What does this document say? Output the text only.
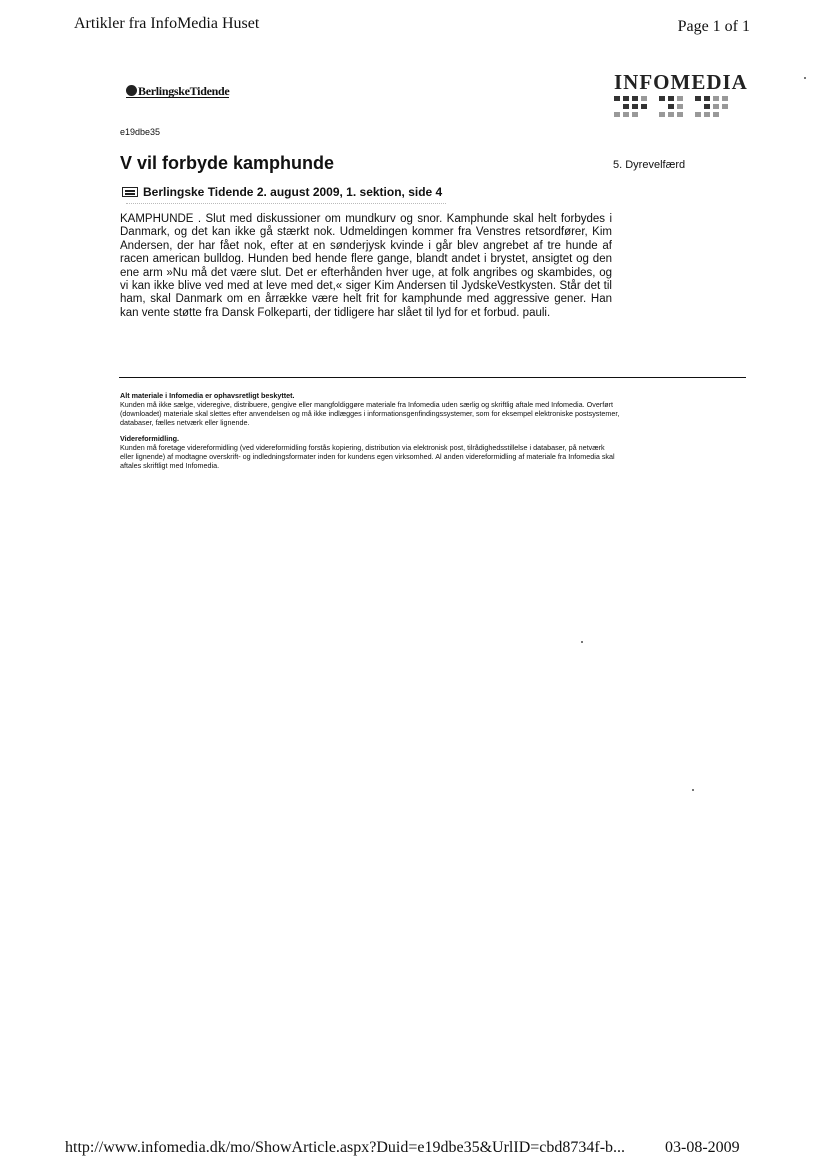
Artikler fra InfoMedia Huset	Page 1 of 1
BerlingskeTidende	INFOMEDIA
e19dbe35
V vil forbyde kamphunde	5. Dyrevelfærd
Berlingske Tidende 2. august 2009, 1. sektion, side 4

KAMPHUNDE . Slut med diskussioner om mundkurv og snor. Kamphunde skal helt forbydes i Danmark, og det kan ikke gå stærkt nok. Udmeldingen kommer fra Venstres retsordfører, Kim Andersen, der har fået nok, efter at en sønderjysk kvinde i går blev angrebet af tre hunde af racen american bulldog. Hunden bed hende flere gange, blandt andet i brystet, ansigtet og den ene arm »Nu må det være slut. Det er efterhånden hver uge, at folk angribes og skambides, og vi kan ikke blive ved med at leve med det,« siger Kim Andersen til JydskeVestkysten. Står det til ham, skal Danmark om en årrække være helt frit for kamphunde med aggressive gener. Han kan vente støtte fra Dansk Folkeparti, der tidligere har slået til lyd for et forbud. pauli.

Alt materiale i Infomedia er ophavsretligt beskyttet.

Kunden må ikke sælge, videregive, distribuere, gengive eller mangfoldiggøre materiale fra Infomedia uden særlig og skriftlig aftale med Infomedia. Overført (downloadet) materiale skal slettes efter anvendelsen og må ikke indlægges i informationsgenfindingssystemer, som for eksempel elektroniske postsystemer, databaser, fælles netværk eller lignende.

Videreformidling.

Kunden må foretage videreformidling (ved videreformidling forstås kopiering, distribution via elektronisk post, tilrådighedsstillelse i databaser, på netværk eller lignende) af modtagne overskrift- og indledningsformater inden for kundens egen virksomhed. Al anden videreformidling af materiale fra Infomedia skal aftales skriftligt med Infomedia.

http://www.infomedia.dk/mo/ShowArticle.aspx?Duid=e19dbe35&UrlID=cbd8734f-b... 03-08-2009
